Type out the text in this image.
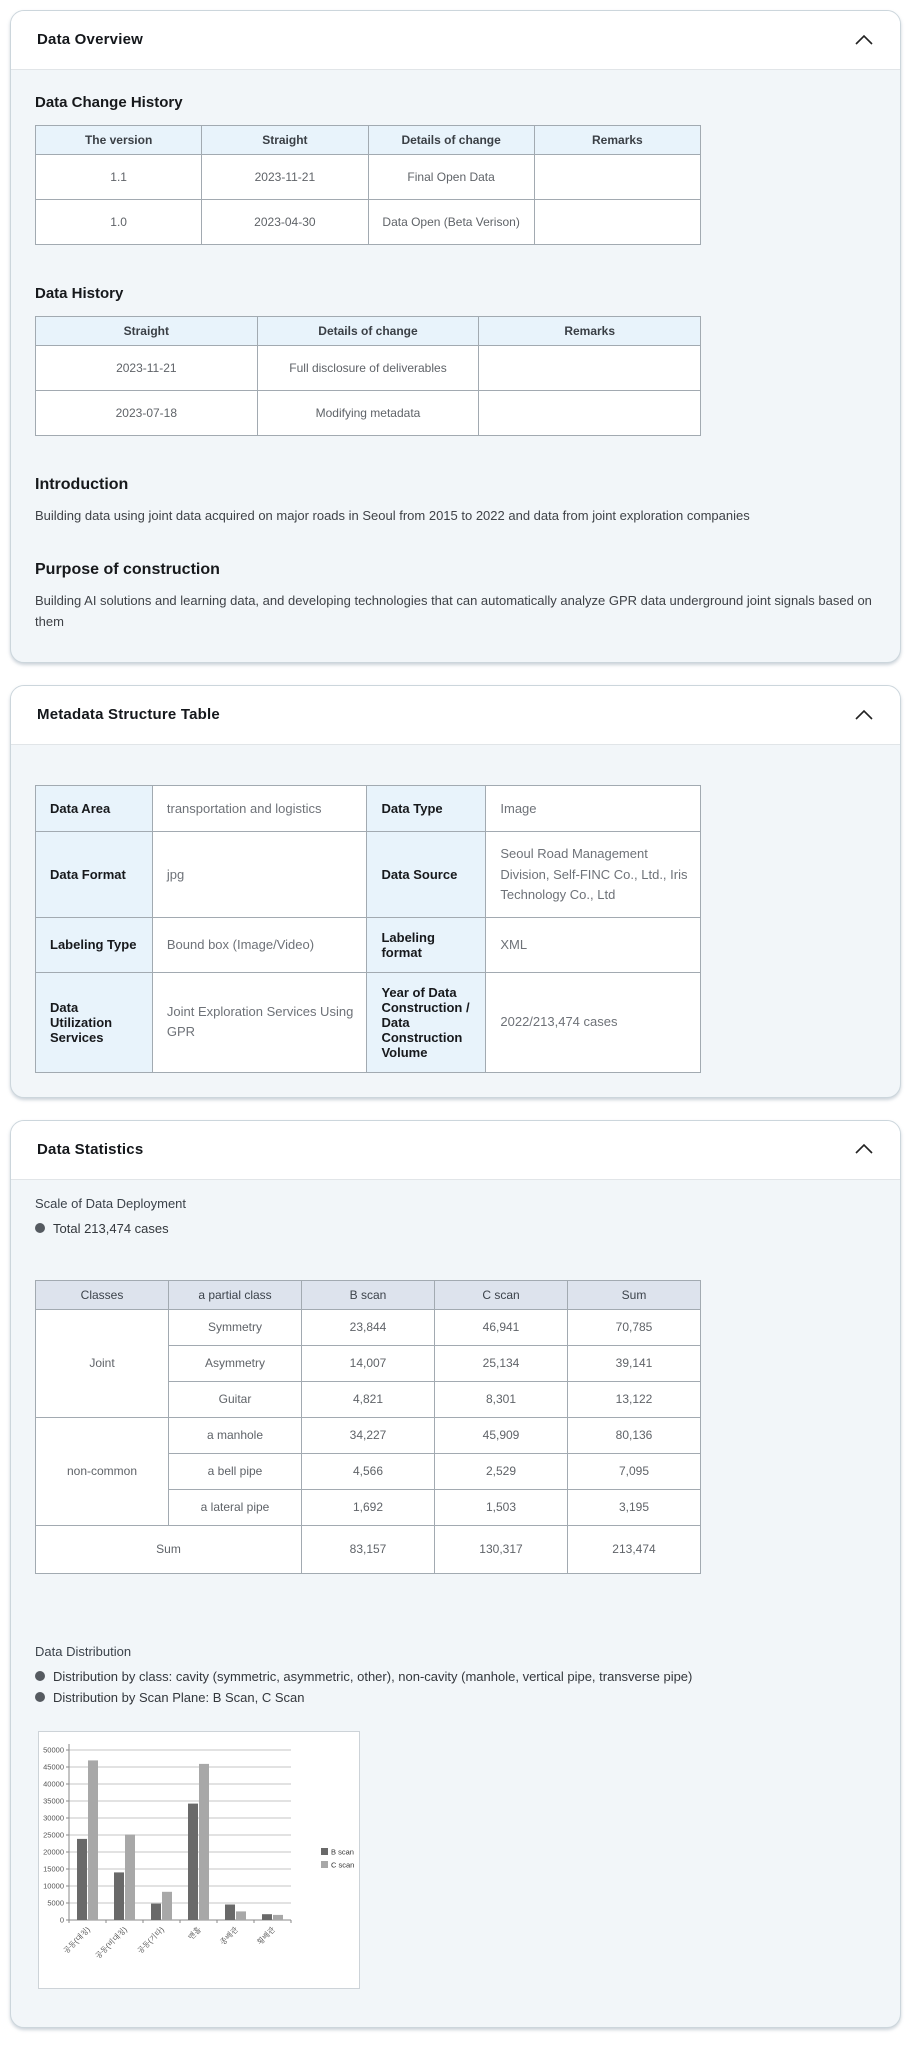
Data Overview
Data Change History
The version	Straight	Details of change	Remarks
1.1	2023-11-21	Final Open Data	
1.0	2023-04-30	Data Open (Beta Verison)	
Data History
Straight	Details of change	Remarks
2023-11-21	Full disclosure of deliverables	
2023-07-18	Modifying metadata	
Introduction

Building data using joint data acquired on major roads in Seoul from 2015 to 2022 and data from joint exploration companies

Purpose of construction

Building AI solutions and learning data, and developing technologies that can automatically analyze GPR data underground joint signals based on them

Metadata Structure Table
Data Area	transportation and logistics	Data Type	Image
Data Format	jpg	Data Source	Seoul Road Management Division, Self-FINC Co., Ltd., Iris Technology Co., Ltd
Labeling Type	Bound box (Image/Video)	Labeling format	XML
Data Utilization Services	Joint Exploration Services Using GPR	Year of Data Construction / Data Construction Volume	2022/213,474 cases
Data Statistics

Scale of Data Deployment

Total 213,474 cases
Classes	a partial class	B scan	C scan	Sum
Joint	Symmetry	23,844	46,941	70,785
	Asymmetry	14,007	25,134	39,141
	Guitar	4,821	8,301	13,122
non-common	a manhole	34,227	45,909	80,136
	a bell pipe	4,566	2,529	7,095
	a lateral pipe	1,692	1,503	3,195
Sum		83,157	130,317	213,474

Data Distribution

Distribution by class: cavity (symmetric, asymmetric, other), non-cavity (manhole, vertical pipe, transverse pipe)
Distribution by Scan Plane: B Scan, C Scan
0
5000
10000
15000
20000
25000
30000
35000
40000
45000
50000
공동(대칭) 공동(비대칭) 공동(기타)	맨홀 종배관 횡배관
B scan
C scan
